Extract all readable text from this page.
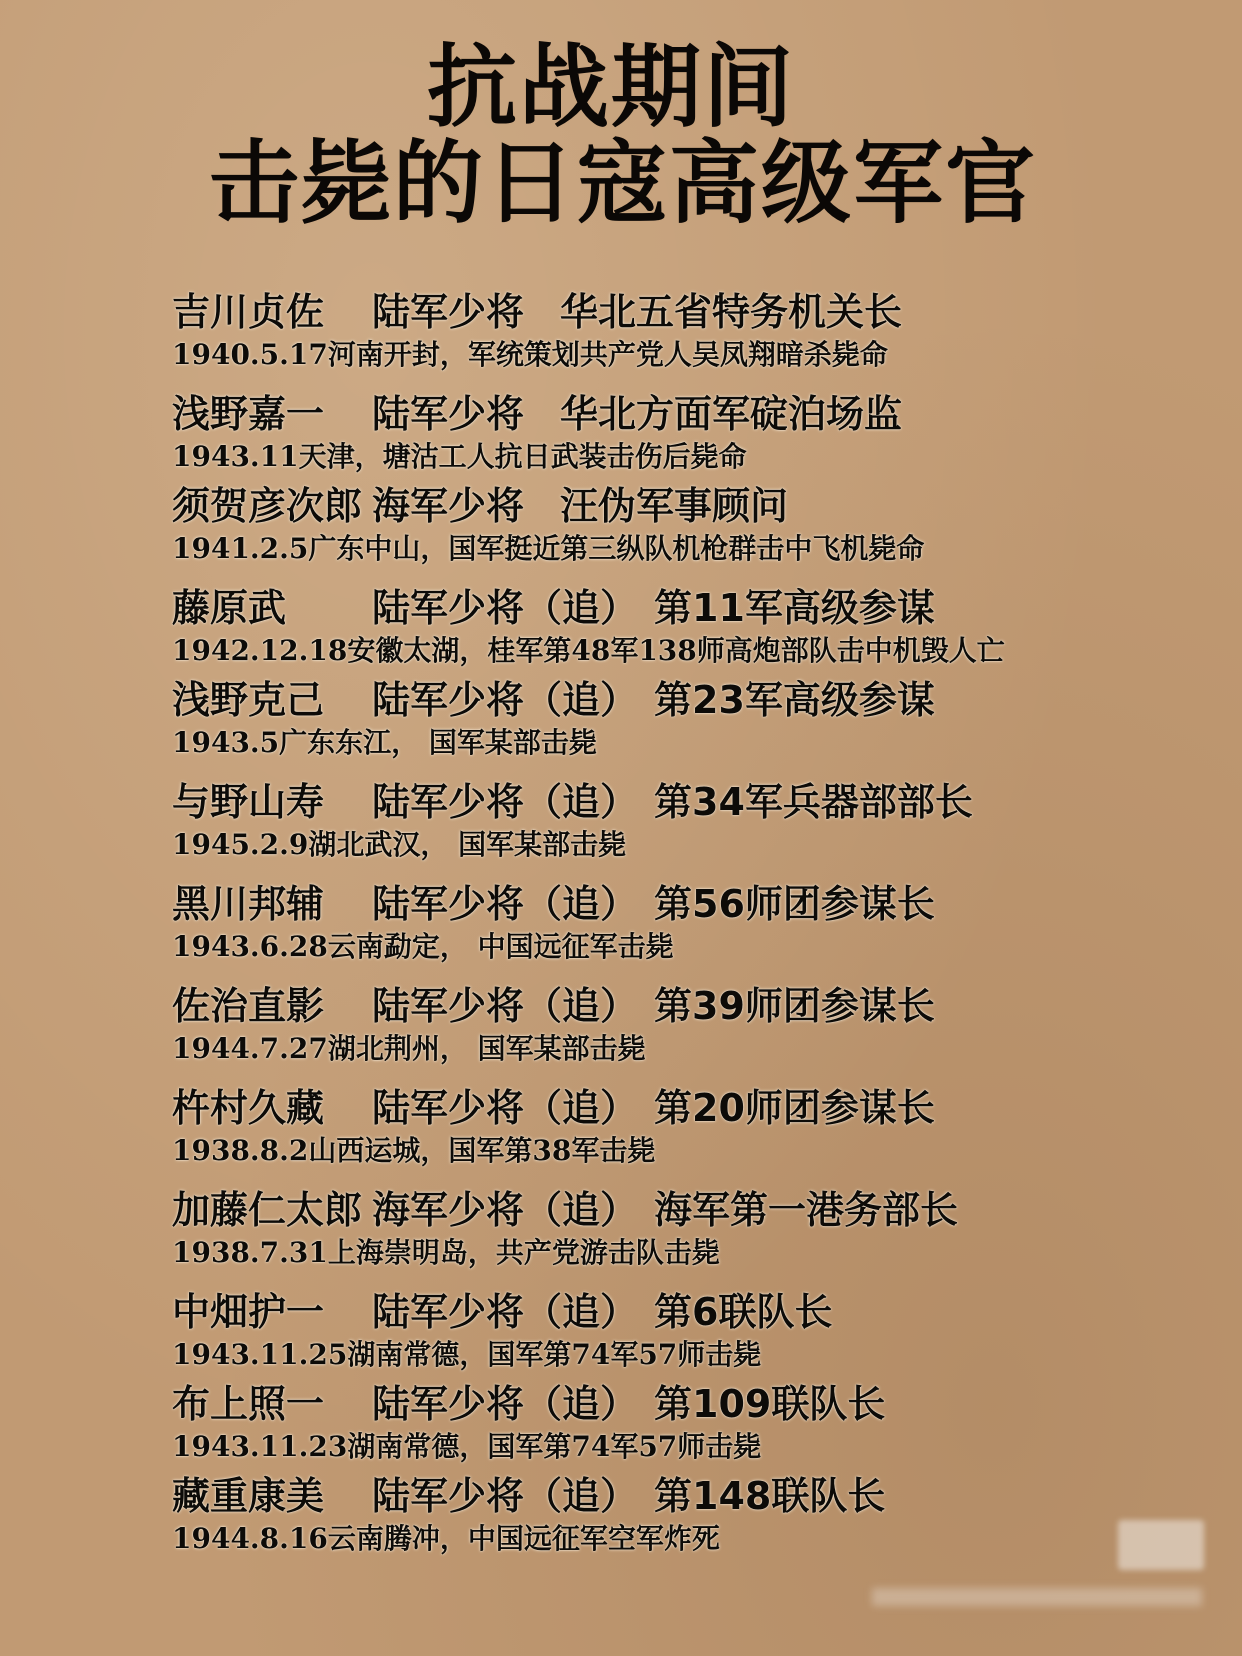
抗战期间
击毙的日寇高级军官
吉川贞佐 陆军少将 华北五省特务机关长
1940.5.17河南开封，军统策划共产党人吴凤翔暗杀毙命
浅野嘉一 陆军少将 华北方面军碇泊场监
1943.11天津，塘沽工人抗日武装击伤后毙命
须贺彦次郎 海军少将 汪伪军事顾问
1941.2.5广东中山，国军挺近第三纵队机枪群击中飞机毙命
藤原武 陆军少将（追） 第11军高级参谋
1942.12.18安徽太湖，桂军第48军138师高炮部队击中机毁人亡
浅野克己 陆军少将（追） 第23军高级参谋
1943.5广东东江， 国军某部击毙
与野山寿 陆军少将（追） 第34军兵器部部长
1945.2.9湖北武汉， 国军某部击毙
黑川邦辅 陆军少将（追） 第56师团参谋长
1943.6.28云南勐定， 中国远征军击毙
佐治直影 陆军少将（追） 第39师团参谋长
1944.7.27湖北荆州， 国军某部击毙
杵村久藏 陆军少将（追） 第20师团参谋长
1938.8.2山西运城，国军第38军击毙
加藤仁太郎 海军少将（追） 海军第一港务部长
1938.7.31上海崇明岛，共产党游击队击毙
中畑护一 陆军少将（追） 第6联队长
1943.11.25湖南常德，国军第74军57师击毙
布上照一 陆军少将（追） 第109联队长
1943.11.23湖南常德，国军第74军57师击毙
藏重康美 陆军少将（追） 第148联队长
1944.8.16云南腾冲，中国远征军空军炸死
